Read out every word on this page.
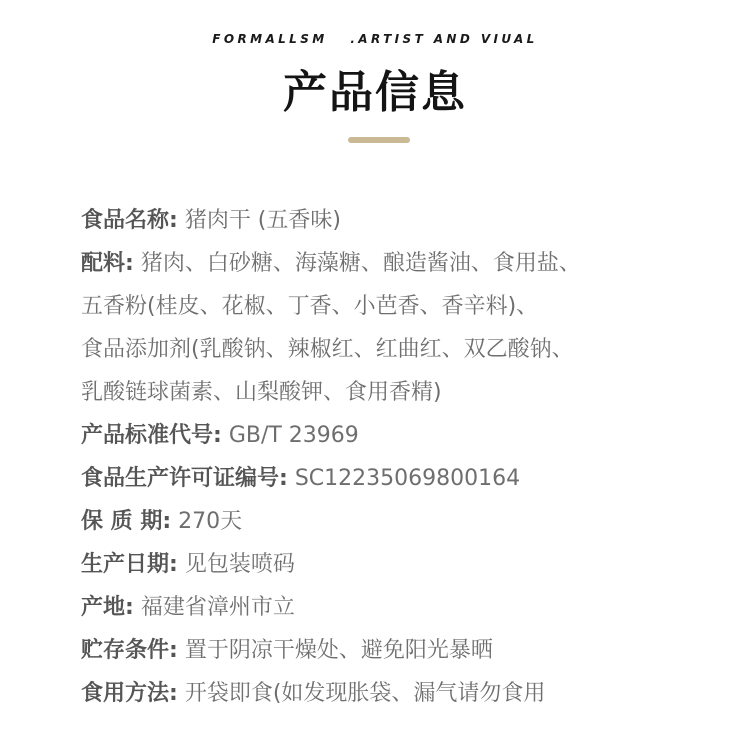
FORMALLSM   .ARTIST AND VIUAL
产品信息
食品名称: 猪肉干 (五香味)
配料: 猪肉、白砂糖、海藻糖、酿造酱油、食用盐、
五香粉(桂皮、花椒、丁香、小芭香、香辛料)、
食品添加剂(乳酸钠、辣椒红、红曲红、双乙酸钠、
乳酸链球菌素、山梨酸钾、食用香精)
产品标准代号: GB/T 23969
食品生产许可证编号: SC12235069800164
保 质 期: 270天
生产日期: 见包装喷码
产地: 福建省漳州市立
贮存条件: 置于阴凉干燥处、避免阳光暴晒
食用方法: 开袋即食(如发现胀袋、漏气请勿食用
